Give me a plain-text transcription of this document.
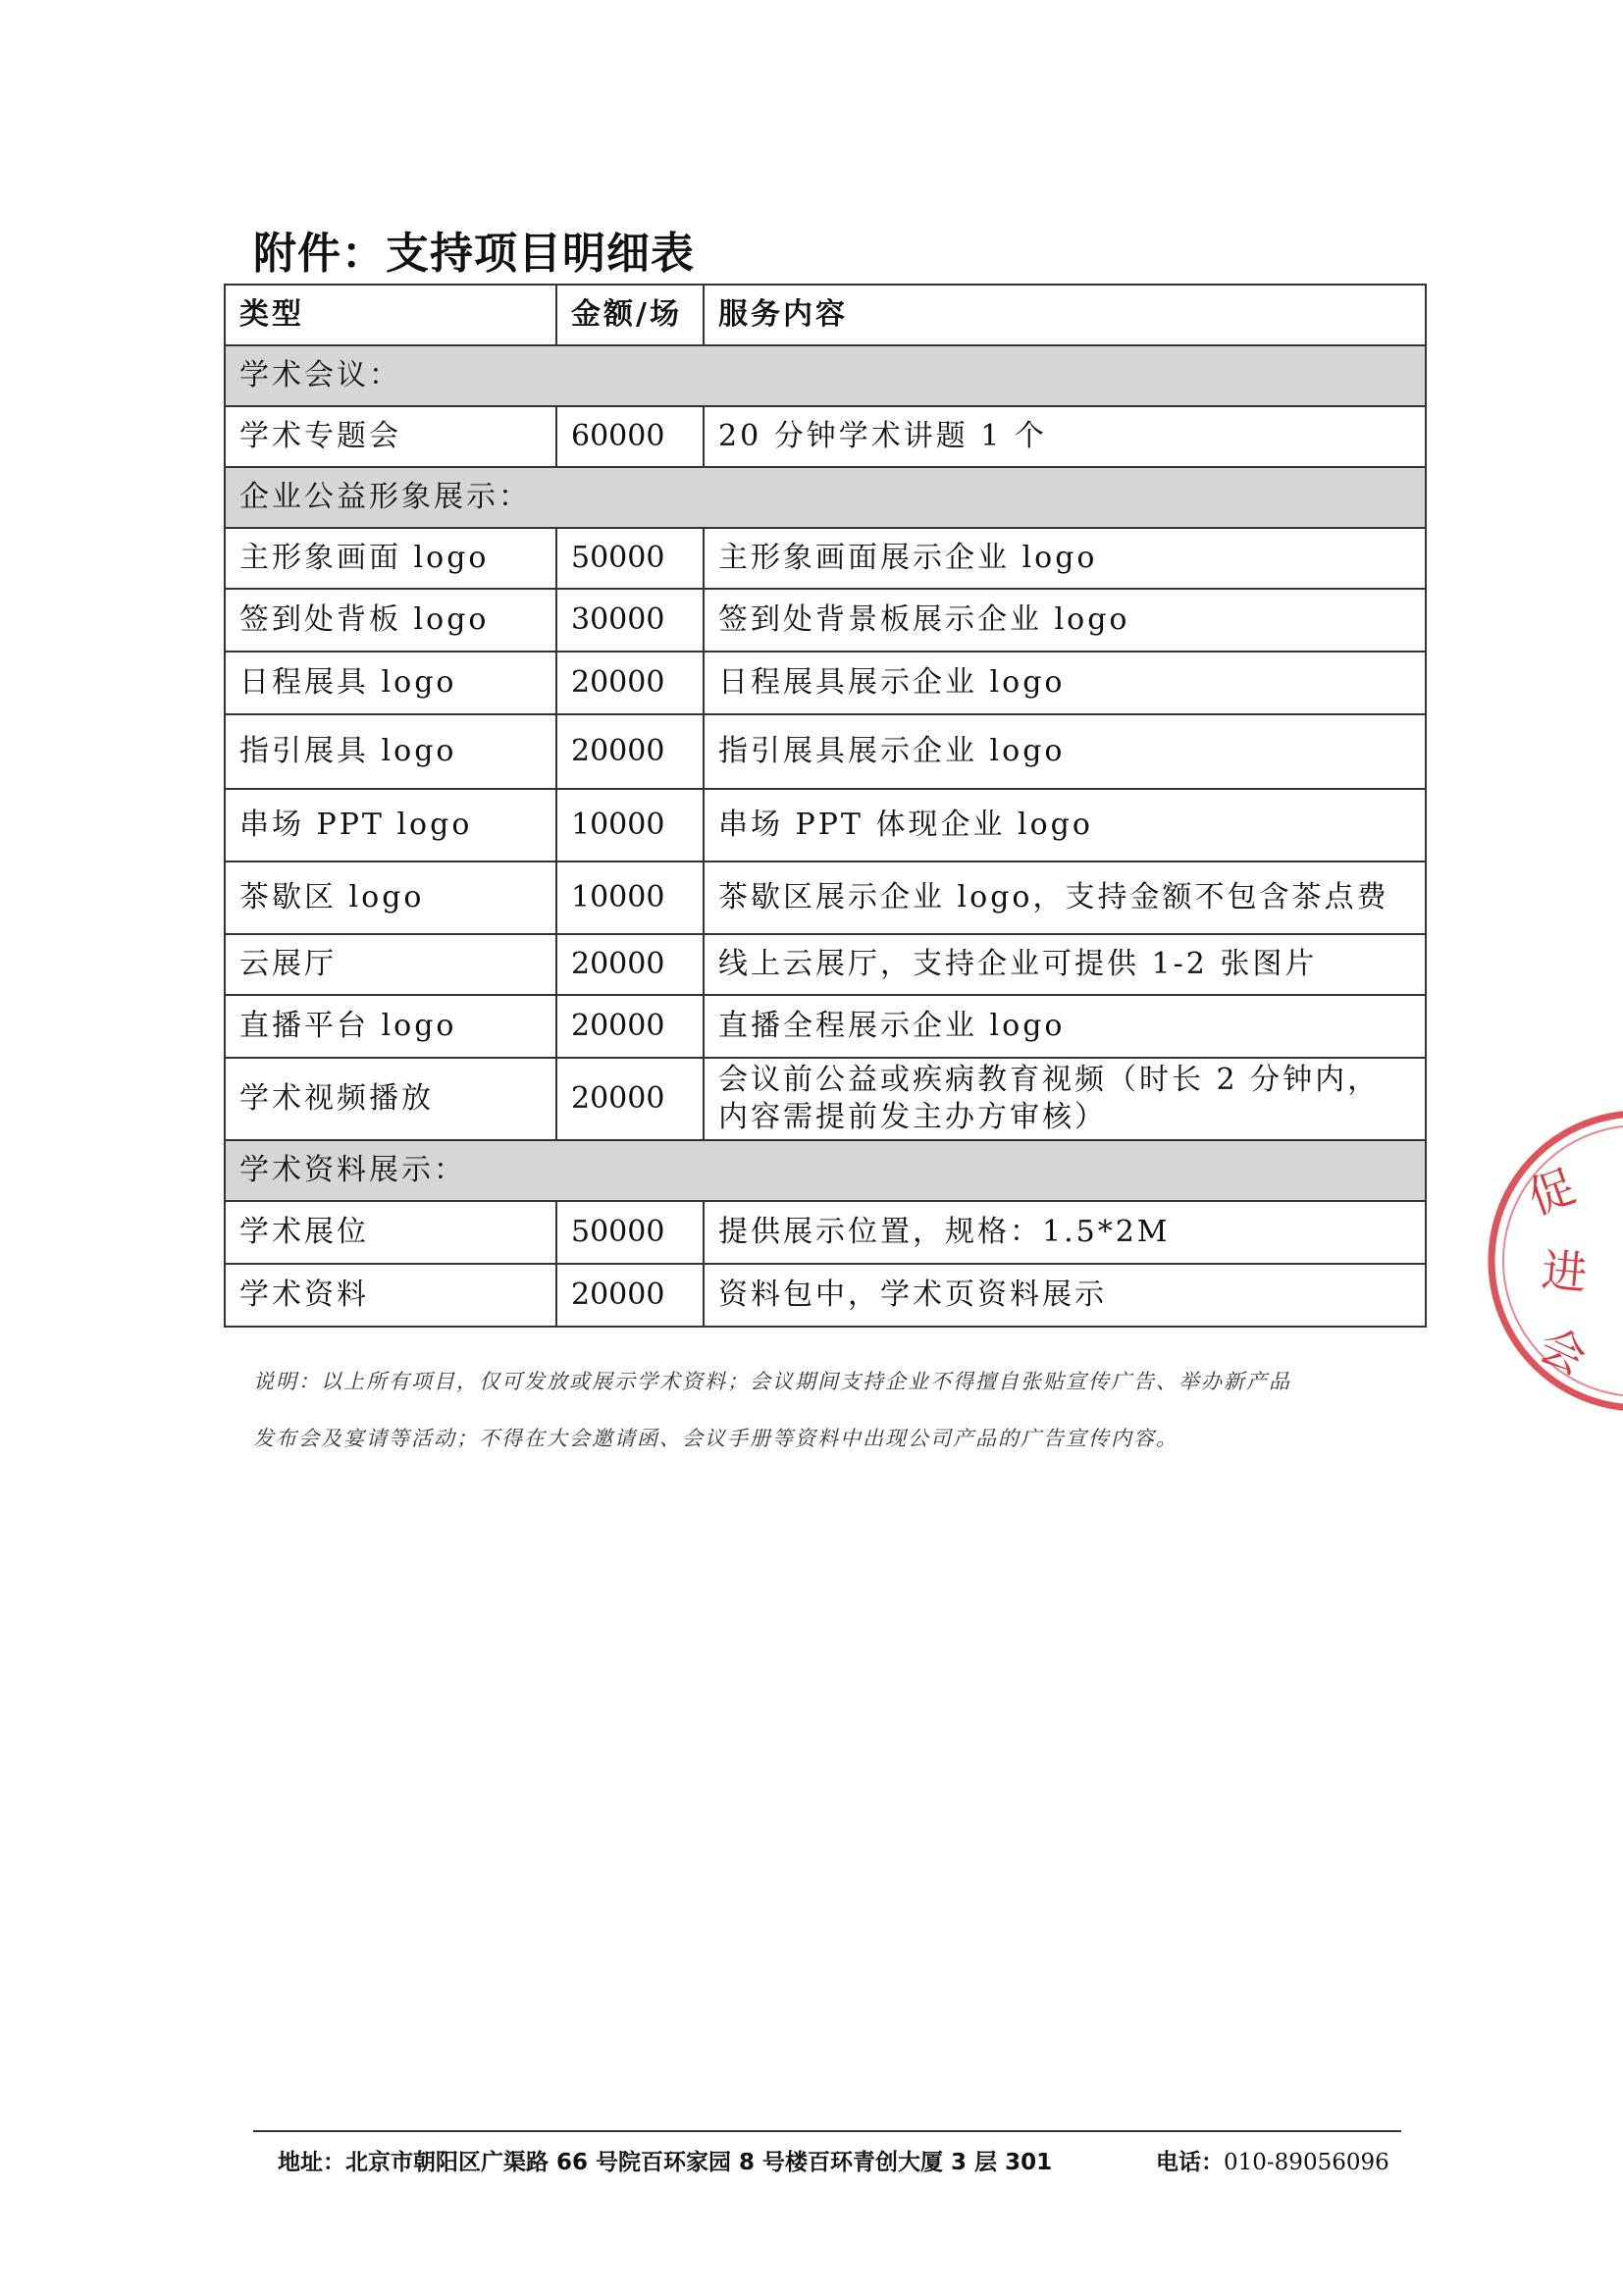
附件：支持项目明细表
类型	金额/场	服务内容
学术会议：		
学术专题会	60000	20 分钟学术讲题 1 个
企业公益形象展示：		
主形象画面 logo	50000	主形象画面展示企业 logo
签到处背板 logo	30000	签到处背景板展示企业 logo
日程展具 logo	20000	日程展具展示企业 logo
指引展具 logo	20000	指引展具展示企业 logo
串场 PPT logo	10000	串场 PPT 体现企业 logo
茶歇区 logo	10000	茶歇区展示企业 logo，支持金额不包含茶点费
云展厅	20000	线上云展厅，支持企业可提供 1-2 张图片
直播平台 logo	20000	直播全程展示企业 logo
学术视频播放	20000	会议前公益或疾病教育视频（时长 2 分钟内，内容需提前发主办方审核）
学术资料展示：		
学术展位	50000	提供展示位置，规格：1.5*2M
学术资料	20000	资料包中，学术页资料展示
说明：以上所有项目，仅可发放或展示学术资料；会议期间支持企业不得擅自张贴宣传广告、举办新产品
发布会及宴请等活动；不得在大会邀请函、会议手册等资料中出现公司产品的广告宣传内容。
促
进
会
地址：北京市朝阳区广渠路 66 号院百环家园 8 号楼百环青创大厦 3 层 301	电话：010-89056096
